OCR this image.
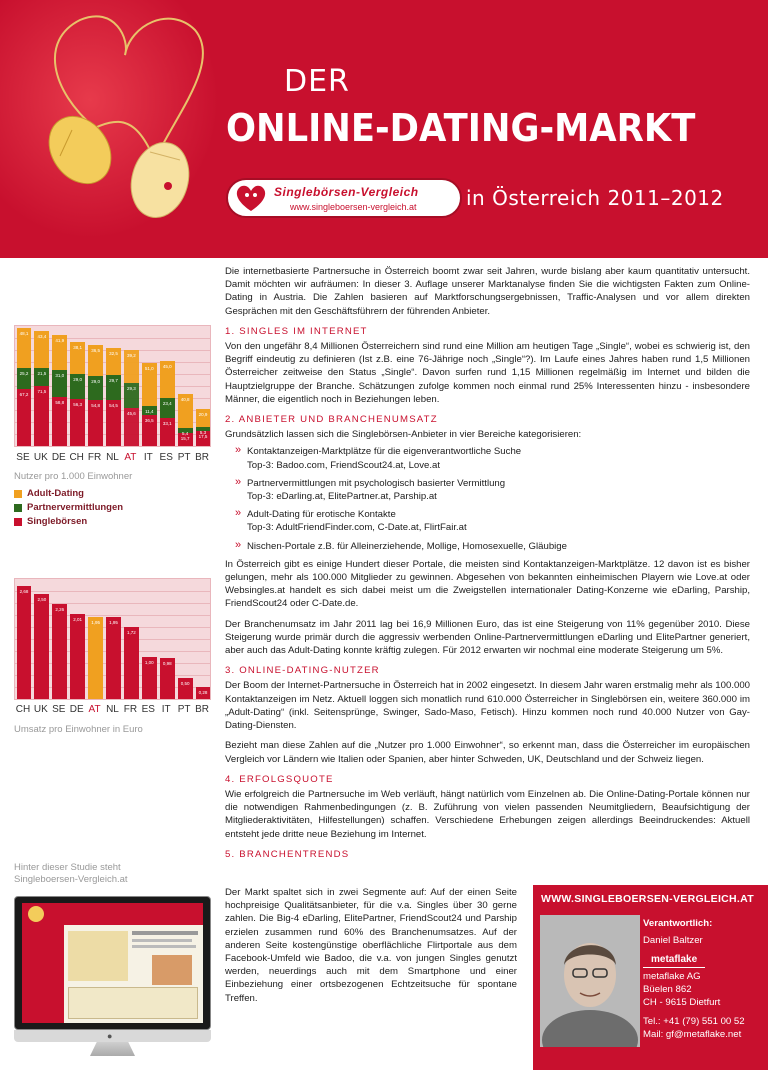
DER
ONLINE-DATING-MARKT
Singlebörsen-Vergleich
www.singleboersen-vergleich.at in Österreich 2011–2012

Die internetbasierte Partnersuche in Österreich boomt zwar seit Jahren, wurde bislang aber kaum quantitativ untersucht. Damit möchten wir aufräumen: In dieser 3. Auflage unserer Marktanalyse finden Sie die wichtigsten Fakten zum Online-Dating in Austria. Die Zahlen basieren auf Marktforschungsergebnissen, Traffic-Analysen und vor allem direkten Gesprächen mit den Geschäftsführern der führenden Anbieter.

1. SINGLES IM INTERNET

Von den ungefähr 8,4 Millionen Österreichern sind rund eine Million am heutigen Tage „Single“, wobei es schwierig ist, den Begriff eindeutig zu definieren (Ist z.B. eine 76-Jährige noch „Single“?). Im Laufe eines Jahres haben rund 1,5 Millionen Österreicher zeitweise den Status „Single“. Davon surfen rund 1,15 Millionen regelmäßig im Internet und bilden die Hauptzielgruppe der Branche. Schätzungen zufolge kommen noch einmal rund 25% Interessenten hinzu - insbesondere Männer, die eigentlich noch in Beziehungen leben.

2. ANBIETER UND BRANCHENUMSATZ

Grundsätzlich lassen sich die Singlebörsen-Anbieter in vier Bereiche kategorisieren:

» Kontaktanzeigen-Marktplätze für die eigenverantwortliche Suche
Top-3: Badoo.com, FriendScout24.at, Love.at
» Partnervermittlungen mit psychologisch basierter Vermittlung
Top-3: eDarling.at, ElitePartner.at, Parship.at
» Adult-Dating für erotische Kontakte
Top-3: AdultFriendFinder.com, C-Date.at, FlirtFair.at
» Nischen-Portale z.B. für Alleinerziehende, Mollige, Homosexuelle, Gläubige

In Österreich gibt es einige Hundert dieser Portale, die meisten sind Kontaktanzeigen-Marktplätze. 12 davon ist es bisher gelungen, mehr als 100.000 Mitglieder zu gewinnen. Abgesehen von bekannten einheimischen Playern wie Love.at oder Websingles.at handelt es sich dabei meist um die Zweigstellen internationaler Dating-Konzerne wie eDarling, Parship, FriendScout24 oder C-Date.de.

Der Branchenumsatz im Jahr 2011 lag bei 16,9 Millionen Euro, das ist eine Steigerung von 11% gegenüber 2010. Diese Steigerung wurde primär durch die aggressiv werbenden Online-Partnervermittlungen eDarling und ElitePartner generiert, aber auch das Adult-Dating konnte kräftig zulegen. Für 2012 erwarten wir nochmal eine moderate Steigerung um 5%.

3. ONLINE-DATING-NUTZER

Der Boom der Internet-Partnersuche in Österreich hat in 2002 eingesetzt. In diesem Jahr waren erstmalig mehr als 100.000 Kontaktanzeigen im Netz. Aktuell loggen sich monatlich rund 610.000 Österreicher in Singlebörsen ein, weitere 360.000 im „Adult-Dating“ (inkl. Seitensprünge, Swinger, Sado-Maso, Fetisch). Hinzu kommen noch rund 40.000 Nutzer von Gay-Dating-Diensten.

Bezieht man diese Zahlen auf die „Nutzer pro 1.000 Einwohner“, so erkennt man, dass die Österreicher im europäischen Vergleich vor Ländern wie Italien oder Spanien, aber hinter Schweden, UK, Deutschland und der Schweiz liegen.

4. ERFOLGSQUOTE

Wie erfolgreich die Partnersuche im Web verläuft, hängt natürlich vom Einzelnen ab. Die Online-Dating-Portale können nur die notwendigen Rahmenbedingungen (z. B. Zuführung von vielen passenden Neumitgliedern, Beaufsichtigung der Mitgliederaktivitäten, Hilfestellungen) schaffen. Verschiedene Erhebungen zeigen allerdings Beeindruckendes: Aktuell entsteht jede dritte neue Beziehung im Internet.

5. BRANCHENTRENDS

Der Markt spaltet sich in zwei Segmente auf: Auf der einen Seite hochpreisige Qualitätsanbieter, für die v.a. Singles über 30 gerne zahlen. Die Big-4 eDarling, ElitePartner, FriendScout24 und Parship erzielen zusammen rund 60% des Branchenumsatzes. Auf der anderen Seite kostengünstige oberflächliche Flirtportale aus dem Facebook-Umfeld wie Badoo, die v.a. von jungen Singles genutzt werden, neuerdings auch mit dem Smartphone und einer Einbeziehung einer ortsbezogenen Echtzeitsuche für spontane Treffen.

67,2
25,2
48,1
71,5
21,5
43,4
58,8
31,0
41,9
56,3
29,0
38,1
54,8
29,0
36,5
54,5
29,7
32,5
45,6
29,3
39,2
36,5
11,4
51,0
33,1
23,4
45,0
15,7
5,4
40,8
17,5
5,3
20,9
SE UK DE CH FR NL AT IT ES PT BR
Nutzer pro 1.000 Einwohner
Adult-Dating
Partnervermittlungen
Singlebörsen
2,68
2,50
2,26
2,01
1,95	1,95
1,72
1,00	0,98
0,50
0,28
CH UK SE DE AT NL FR ES IT PT BR
Umsatz pro Einwohner in Euro
Hinter dieser Studie steht
Singleboersen-Vergleich.at
●
WWW.SINGLEBOERSEN-VERGLEICH.AT
Verantwortlich:
Daniel Baltzer
metaflake
metaflake AG
Büelen 862
CH - 9615 Dietfurt
Tel.: +41 (79) 551 00 52
Mail: gf@metaflake.net
